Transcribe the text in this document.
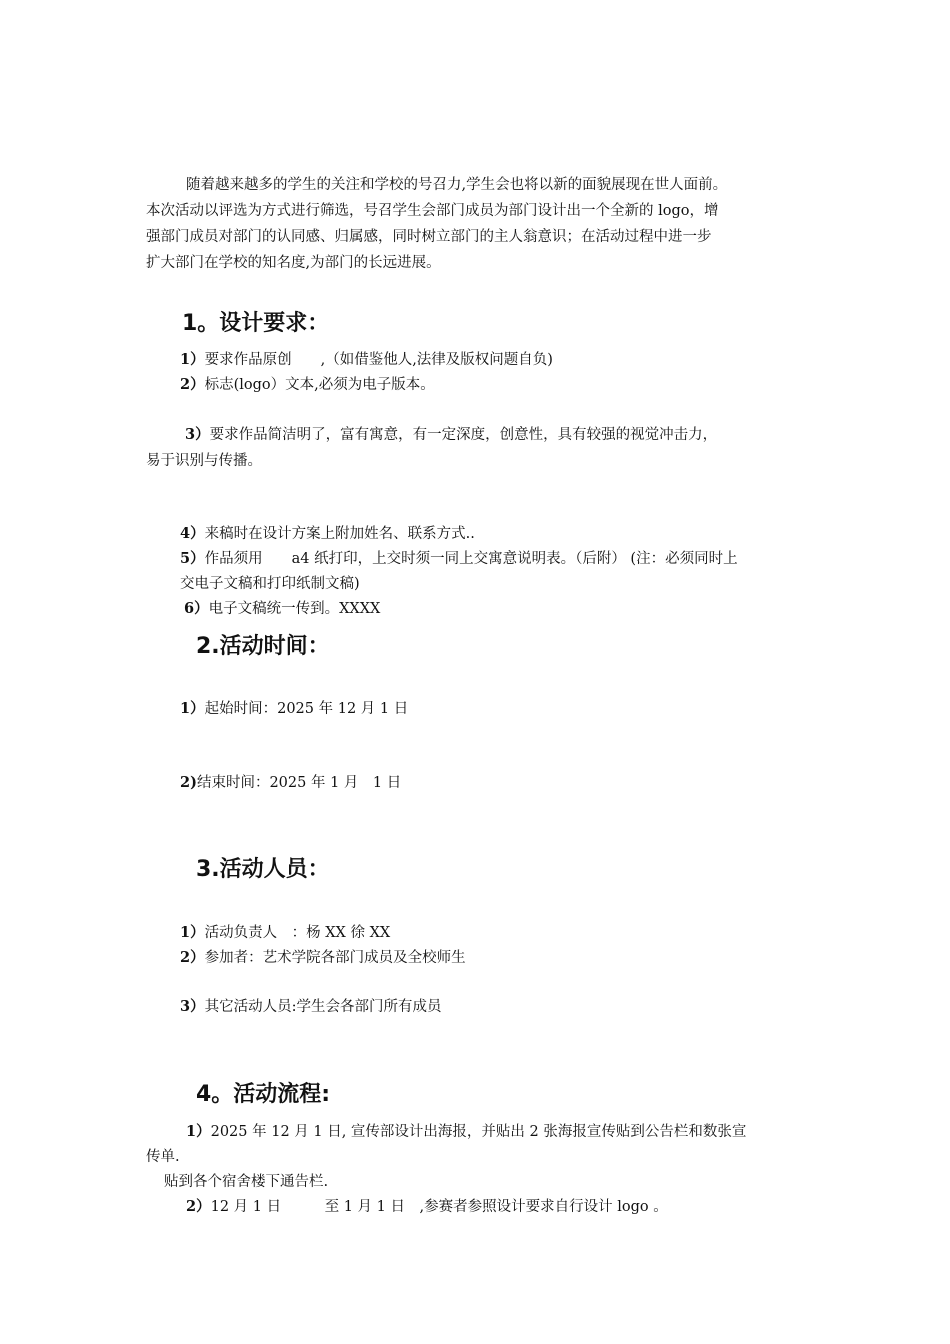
随着越来越多的学生的关注和学校的号召力,学生会也将以新的面貌展现在世人面前。
本次活动以评选为方式进行筛选，号召学生会部门成员为部门设计出一个全新的 logo，增
强部门成员对部门的认同感、归属感，同时树立部门的主人翁意识；在活动过程中进一步
扩大部门在学校的知名度,为部门的长远进展。
1。设计要求：
1）要求作品原创　　,（如借鉴他人,法律及版权问题自负)
2）标志(logo）文本,必须为电子版本。
3）要求作品简洁明了，富有寓意，有一定深度，创意性，具有较强的视觉冲击力，
易于识别与传播。
4）来稿时在设计方案上附加姓名、联系方式..
5）作品须用　　a4 纸打印，上交时须一同上交寓意说明表。（后附） (注：必须同时上
交电子文稿和打印纸制文稿)
6）电子文稿统一传到。XXXX
2.活动时间：
1）起始时间：2025 年 12 月 1 日
2)结束时间：2025 年 1 月　1 日
3.活动人员：
1）活动负责人　：杨 XX 徐 XX
2）参加者：艺术学院各部门成员及全校师生
3）其它活动人员:学生会各部门所有成员
4。活动流程:
1）2025 年 12 月 1 日, 宣传部设计出海报，并贴出 2 张海报宣传贴到公告栏和数张宣
传单.
贴到各个宿舍楼下通告栏.
2）12 月 1 日　　　至 1 月 1 日　,参赛者参照设计要求自行设计 logo 。
